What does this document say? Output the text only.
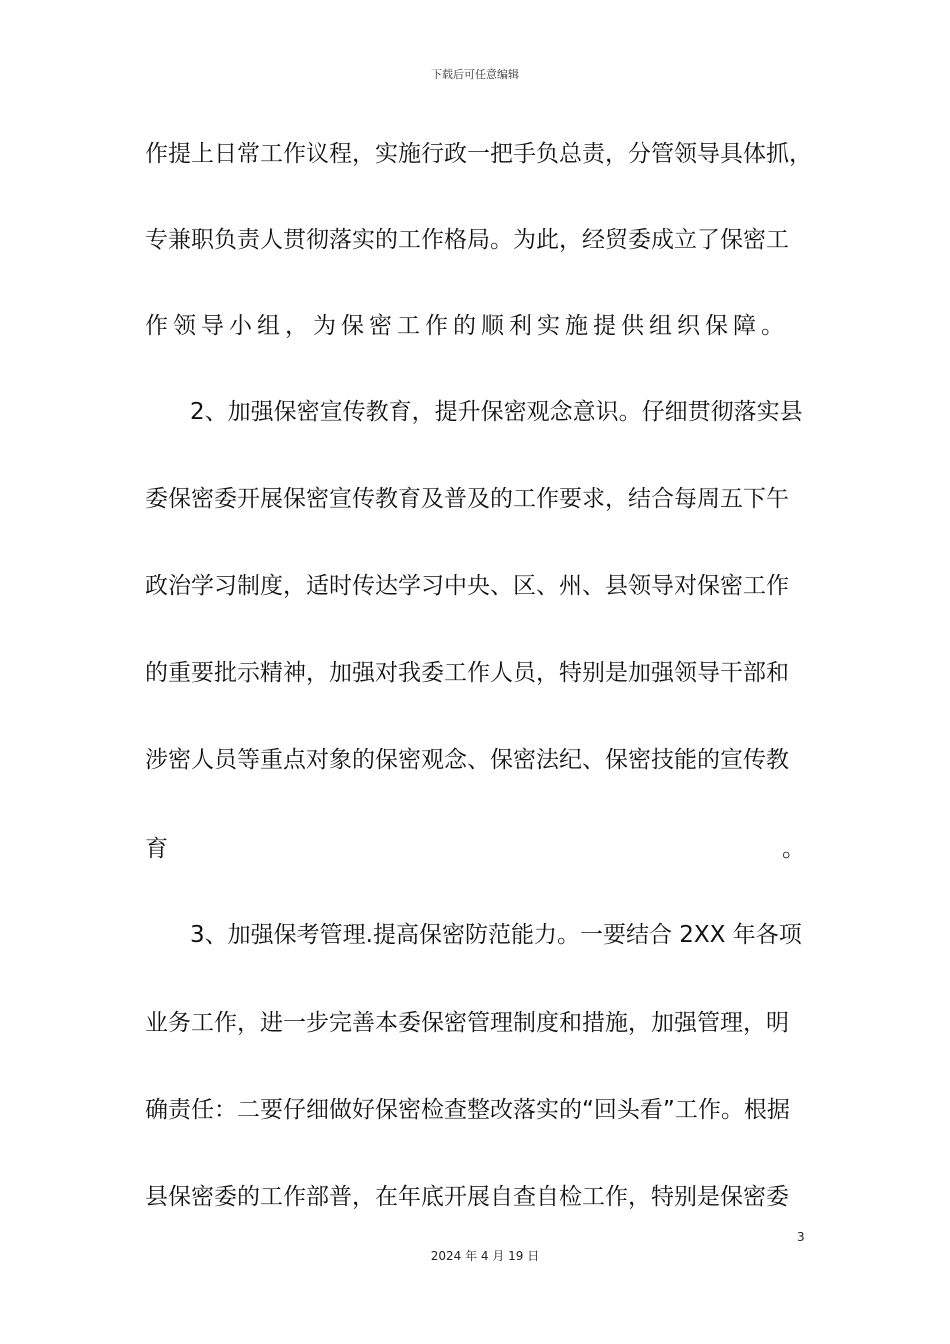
下载后可任意编辑
作提上日常工作议程，实施行政一把手负总责，分管领导具体抓，
专兼职负责人贯彻落实的工作格局。为此，经贸委成立了保密工
作领导小组，为保密工作的顺利实施提供组织保障。
2、加强保密宣传教育，提升保密观念意识。仔细贯彻落实县
委保密委开展保密宣传教育及普及的工作要求，结合每周五下午
政治学习制度，适时传达学习中央、区、州、县领导对保密工作
的重要批示精神，加强对我委工作人员，特别是加强领导干部和
涉密人员等重点对象的保密观念、保密法纪、保密技能的宣传教
育	。
3、加强保考管理.提高保密防范能力。一要结合 2XX 年各项
业务工作，进一步完善本委保密管理制度和措施，加强管理，明
确责任：二要仔细做好保密检查整改落实的“回头看”工作。根据
县保密委的工作部普，在年底开展自查自检工作，特别是保密委
3
2024 年 4 月 19 日
